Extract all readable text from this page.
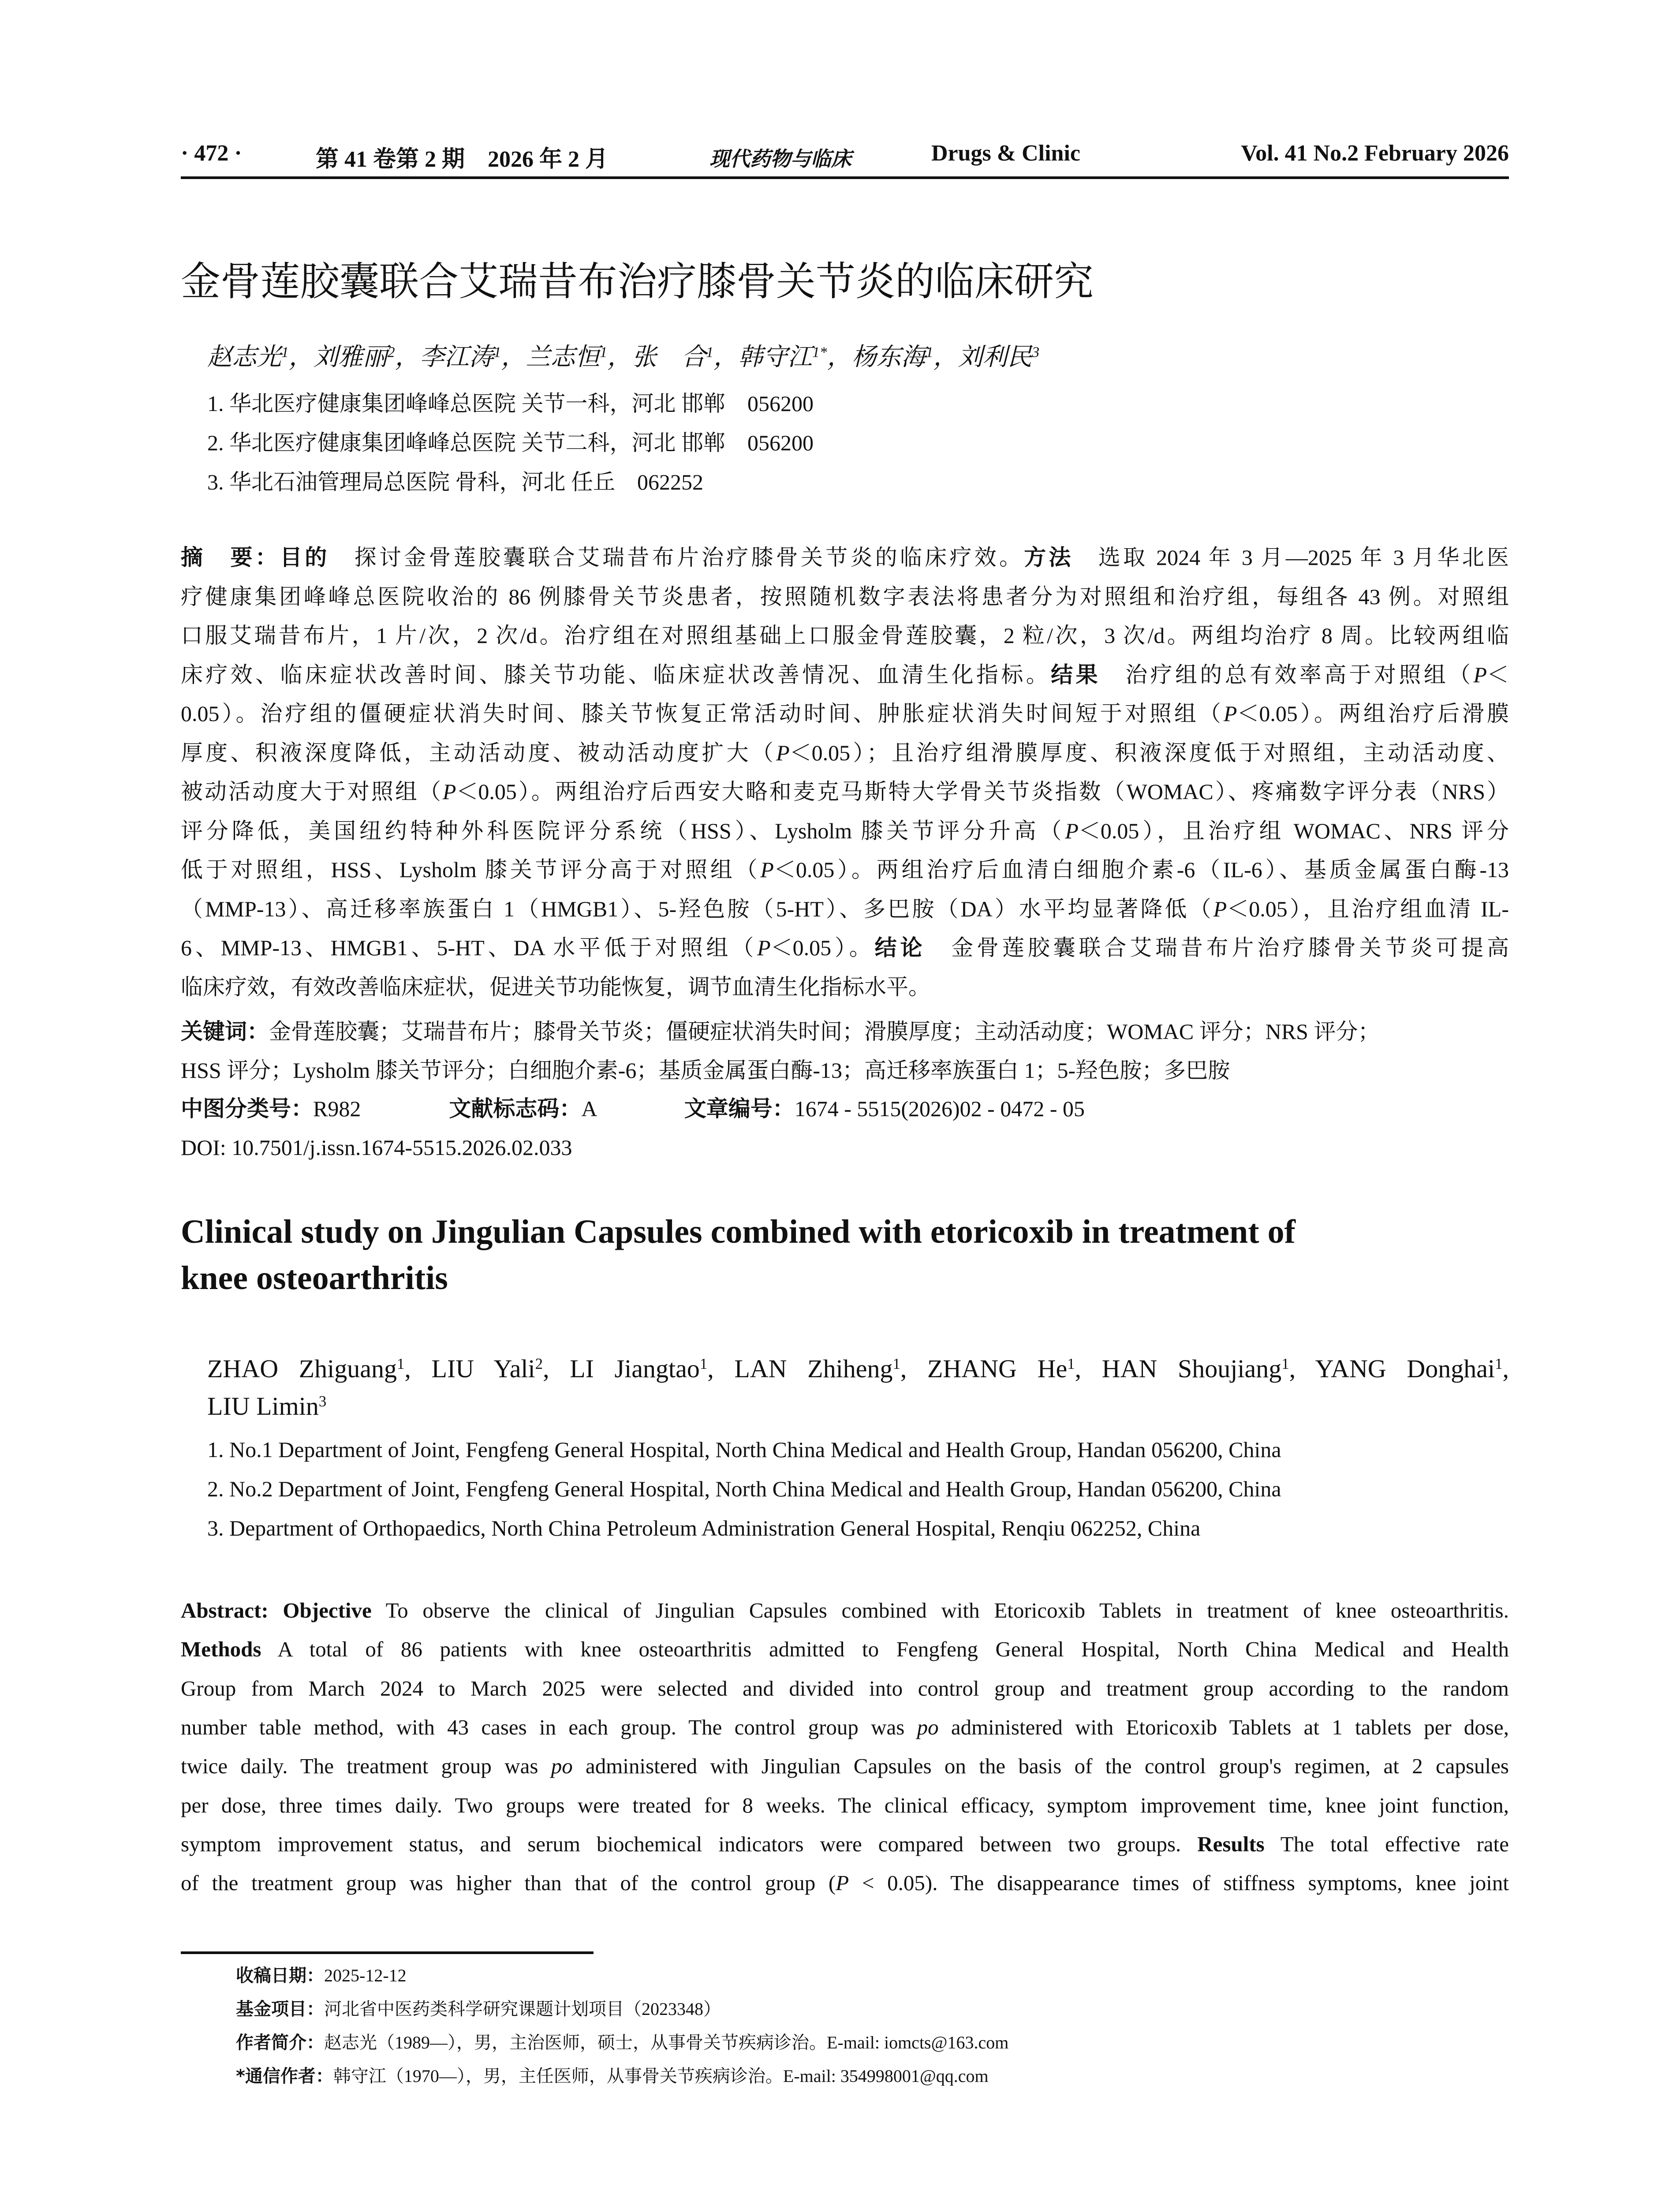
· 472 ·	第 41 卷第 2 期　2026 年 2 月	现代药物与临床	Drugs & Clinic	Vol. 41 No.2 February 2026
金骨莲胶囊联合艾瑞昔布治疗膝骨关节炎的临床研究
赵志光$^1$，刘雅丽$^2$，李江涛$^1$，兰志恒$^1$，张　合$^1$，韩守江$^{1*}$，杨东海$^1$，刘利民$^3$
1. 华北医疗健康集团峰峰总医院 关节一科，河北 邯郸　056200
2. 华北医疗健康集团峰峰总医院 关节二科，河北 邯郸　056200
3. 华北石油管理局总医院 骨科，河北 任丘　062252
摘　要：目的　探讨金骨莲胶囊联合艾瑞昔布片治疗膝骨关节炎的临床疗效。方法　选取 2024 年 3 月—2025 年 3 月华北医
疗健康集团峰峰总医院收治的 86 例膝骨关节炎患者，按照随机数字表法将患者分为对照组和治疗组，每组各 43 例。对照组
口服艾瑞昔布片，1 片/次，2 次/d。治疗组在对照组基础上口服金骨莲胶囊，2 粒/次，3 次/d。两组均治疗 8 周。比较两组临
床疗效、临床症状改善时间、膝关节功能、临床症状改善情况、血清生化指标。结果　治疗组的总有效率高于对照组（P＜
0.05）。治疗组的僵硬症状消失时间、膝关节恢复正常活动时间、肿胀症状消失时间短于对照组（P＜0.05）。两组治疗后滑膜
厚度、积液深度降低，主动活动度、被动活动度扩大（P＜0.05）；且治疗组滑膜厚度、积液深度低于对照组，主动活动度、
被动活动度大于对照组（P＜0.05）。两组治疗后西安大略和麦克马斯特大学骨关节炎指数（WOMAC）、疼痛数字评分表（NRS）
评分降低，美国纽约特种外科医院评分系统（HSS）、Lysholm 膝关节评分升高（P＜0.05），且治疗组 WOMAC、NRS 评分
低于对照组，HSS、Lysholm 膝关节评分高于对照组（P＜0.05）。两组治疗后血清白细胞介素-6（IL-6）、基质金属蛋白酶-13
（MMP-13）、高迁移率族蛋白 1（HMGB1）、5-羟色胺（5-HT）、多巴胺（DA）水平均显著降低（P＜0.05），且治疗组血清 IL-
6、MMP-13、HMGB1、5-HT、DA 水平低于对照组（P＜0.05）。结论　金骨莲胶囊联合艾瑞昔布片治疗膝骨关节炎可提高
临床疗效，有效改善临床症状，促进关节功能恢复，调节血清生化指标水平。
关键词：金骨莲胶囊；艾瑞昔布片；膝骨关节炎；僵硬症状消失时间；滑膜厚度；主动活动度；WOMAC 评分；NRS 评分；
HSS 评分；Lysholm 膝关节评分；白细胞介素-6；基质金属蛋白酶-13；高迁移率族蛋白 1；5-羟色胺；多巴胺
中图分类号：R982　　　　文献标志码：A　　　　文章编号：1674 - 5515(2026)02 - 0472 - 05
DOI: 10.7501/j.issn.1674-5515.2026.02.033
Clinical study on Jingulian Capsules combined with etoricoxib in treatment of
knee osteoarthritis
ZHAO Zhiguang$^1$, LIU Yali$^2$, LI Jiangtao$^1$, LAN Zhiheng$^1$, ZHANG He$^1$, HAN Shoujiang$^1$, YANG Donghai$^1$,
LIU Limin$^3$
1. No.1 Department of Joint, Fengfeng General Hospital, North China Medical and Health Group, Handan 056200, China
2. No.2 Department of Joint, Fengfeng General Hospital, North China Medical and Health Group, Handan 056200, China
3. Department of Orthopaedics, North China Petroleum Administration General Hospital, Renqiu 062252, China
Abstract: Objective To observe the clinical of Jingulian Capsules combined with Etoricoxib Tablets in treatment of knee osteoarthritis.
Methods A total of 86 patients with knee osteoarthritis admitted to Fengfeng General Hospital, North China Medical and Health
Group from March 2024 to March 2025 were selected and divided into control group and treatment group according to the random
number table method, with 43 cases in each group. The control group was po administered with Etoricoxib Tablets at 1 tablets per dose,
twice daily. The treatment group was po administered with Jingulian Capsules on the basis of the control group's regimen, at 2 capsules
per dose, three times daily. Two groups were treated for 8 weeks. The clinical efficacy, symptom improvement time, knee joint function,
symptom improvement status, and serum biochemical indicators were compared between two groups. Results The total effective rate
of the treatment group was higher than that of the control group (P < 0.05). The disappearance times of stiffness symptoms, knee joint
收稿日期：2025-12-12
基金项目：河北省中医药类科学研究课题计划项目（2023348）
作者简介：赵志光（1989—），男，主治医师，硕士，从事骨关节疾病诊治。E-mail: iomcts@163.com
*通信作者：韩守江（1970—），男，主任医师，从事骨关节疾病诊治。E-mail: 354998001@qq.com
